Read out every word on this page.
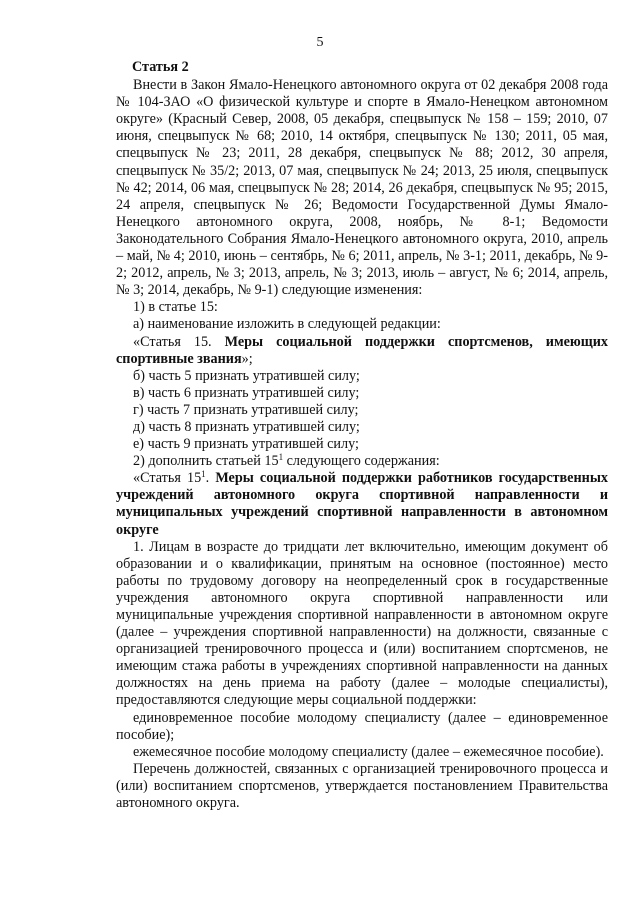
5

Статья 2

Внести в Закон Ямало-Ненецкого автономного округа от 02 декабря 2008 года № 104-ЗАО «О физической культуре и спорте в Ямало-Ненецком автономном округе» (Красный Север, 2008, 05 декабря, спецвыпуск № 158 – 159; 2010, 07 июня, спецвыпуск № 68; 2010, 14 октября, спецвыпуск № 130; 2011, 05 мая, спецвыпуск № 23; 2011, 28 декабря, спецвыпуск № 88; 2012, 30 апреля, спецвыпуск № 35/2; 2013, 07 мая, спецвыпуск № 24; 2013, 25 июля, спецвыпуск № 42; 2014, 06 мая, спецвыпуск № 28; 2014, 26 декабря, спецвыпуск № 95; 2015, 24 апреля, спецвыпуск № 26; Ведомости Государственной Думы Ямало-Ненецкого автономного округа, 2008, ноябрь, № 8-1; Ведомости Законодательного Собрания Ямало-Ненецкого автономного округа, 2010, апрель – май, № 4; 2010, июнь – сентябрь, № 6; 2011, апрель, № 3-1; 2011, декабрь, № 9-2; 2012, апрель, № 3; 2013, апрель, № 3; 2013, июль – август, № 6; 2014, апрель, № 3; 2014, декабрь, № 9-1) следующие изменения:

1) в статье 15:

а) наименование изложить в следующей редакции:

«Статья 15. Меры социальной поддержки спортсменов, имеющих спортивные звания»;

б) часть 5 признать утратившей силу;

в) часть 6 признать утратившей силу;

г) часть 7 признать утратившей силу;

д) часть 8 признать утратившей силу;

е) часть 9 признать утратившей силу;

2) дополнить статьей $15^1$ следующего содержания:

«Статья $15^1$. Меры социальной поддержки работников государственных учреждений автономного округа спортивной направленности и муниципальных учреждений спортивной направленности в автономном округе

1. Лицам в возрасте до тридцати лет включительно, имеющим документ об образовании и о квалификации, принятым на основное (постоянное) место работы по трудовому договору на неопределенный срок в государственные учреждения автономного округа спортивной направленности или муниципальные учреждения спортивной направленности в автономном округе (далее – учреждения спортивной направленности) на должности, связанные с организацией тренировочного процесса и (или) воспитанием спортсменов, не имеющим стажа работы в учреждениях спортивной направленности на данных должностях на день приема на работу (далее – молодые специалисты), предоставляются следующие меры социальной поддержки:

единовременное пособие молодому специалисту (далее – единовременное пособие);

ежемесячное пособие молодому специалисту (далее – ежемесячное пособие).

Перечень должностей, связанных с организацией тренировочного процесса и (или) воспитанием спортсменов, утверждается постановлением Правительства автономного округа.
